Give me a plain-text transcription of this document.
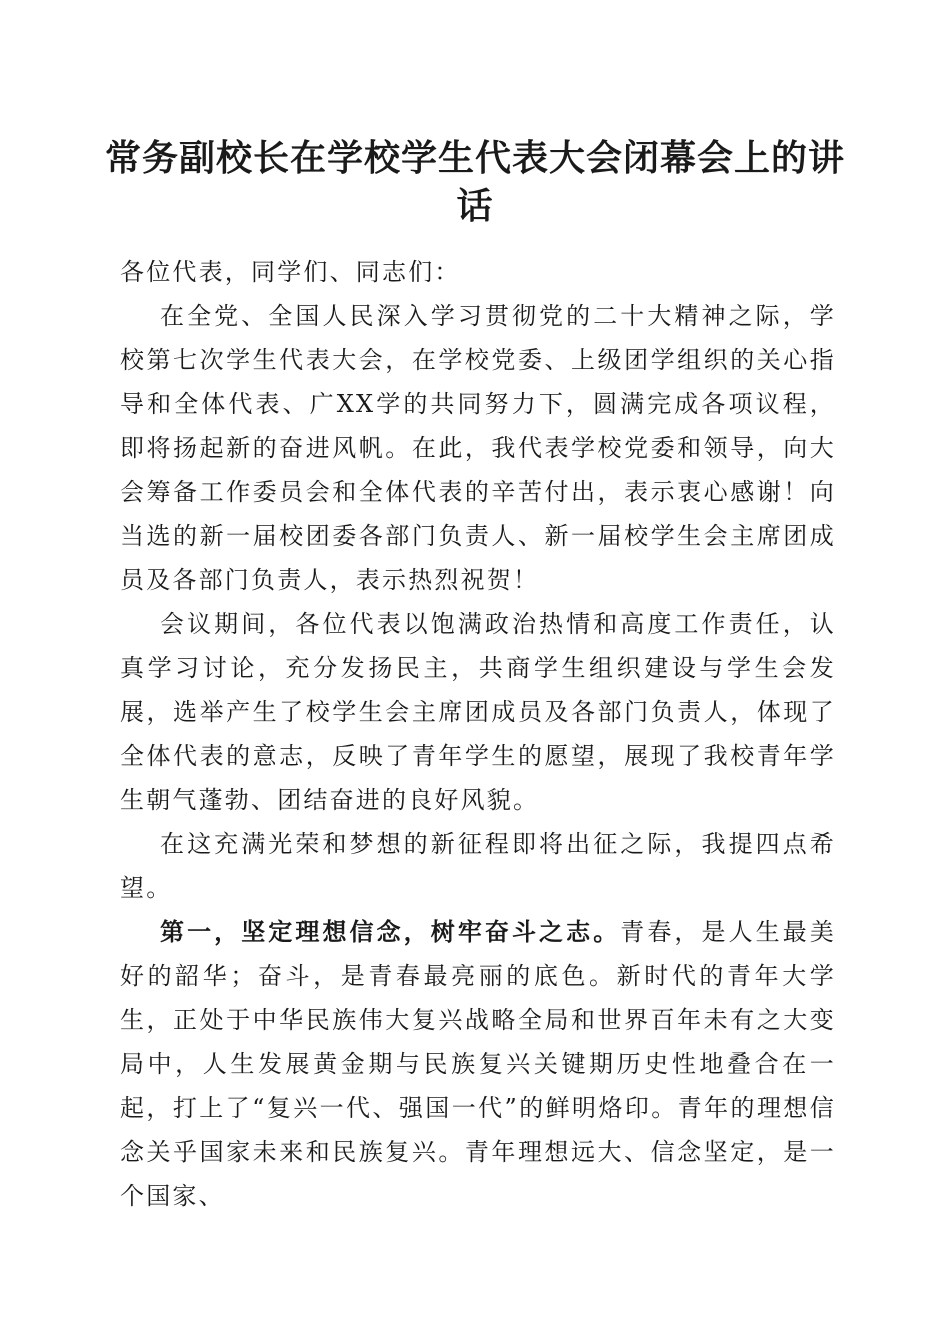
常务副校长在学校学生代表大会闭幕会上的讲话

各位代表，同学们、同志们：

在全党、全国人民深入学习贯彻党的二十大精神之际，学校第七次学生代表大会，在学校党委、上级团学组织的关心指导和全体代表、广XX学的共同努力下，圆满完成各项议程，即将扬起新的奋进风帆。在此，我代表学校党委和领导，向大会筹备工作委员会和全体代表的辛苦付出，表示衷心感谢！向当选的新一届校团委各部门负责人、新一届校学生会主席团成员及各部门负责人，表示热烈祝贺！

会议期间，各位代表以饱满政治热情和高度工作责任，认真学习讨论，充分发扬民主，共商学生组织建设与学生会发展，选举产生了校学生会主席团成员及各部门负责人，体现了全体代表的意志，反映了青年学生的愿望，展现了我校青年学生朝气蓬勃、团结奋进的良好风貌。

在这充满光荣和梦想的新征程即将出征之际，我提四点希望。

第一，坚定理想信念，树牢奋斗之志。青春，是人生最美好的韶华；奋斗，是青春最亮丽的底色。新时代的青年大学生，正处于中华民族伟大复兴战略全局和世界百年未有之大变局中，人生发展黄金期与民族复兴关键期历史性地叠合在一起，打上了“复兴一代、强国一代”的鲜明烙印。青年的理想信念关乎国家未来和民族复兴。青年理想远大、信念坚定，是一个国家、
